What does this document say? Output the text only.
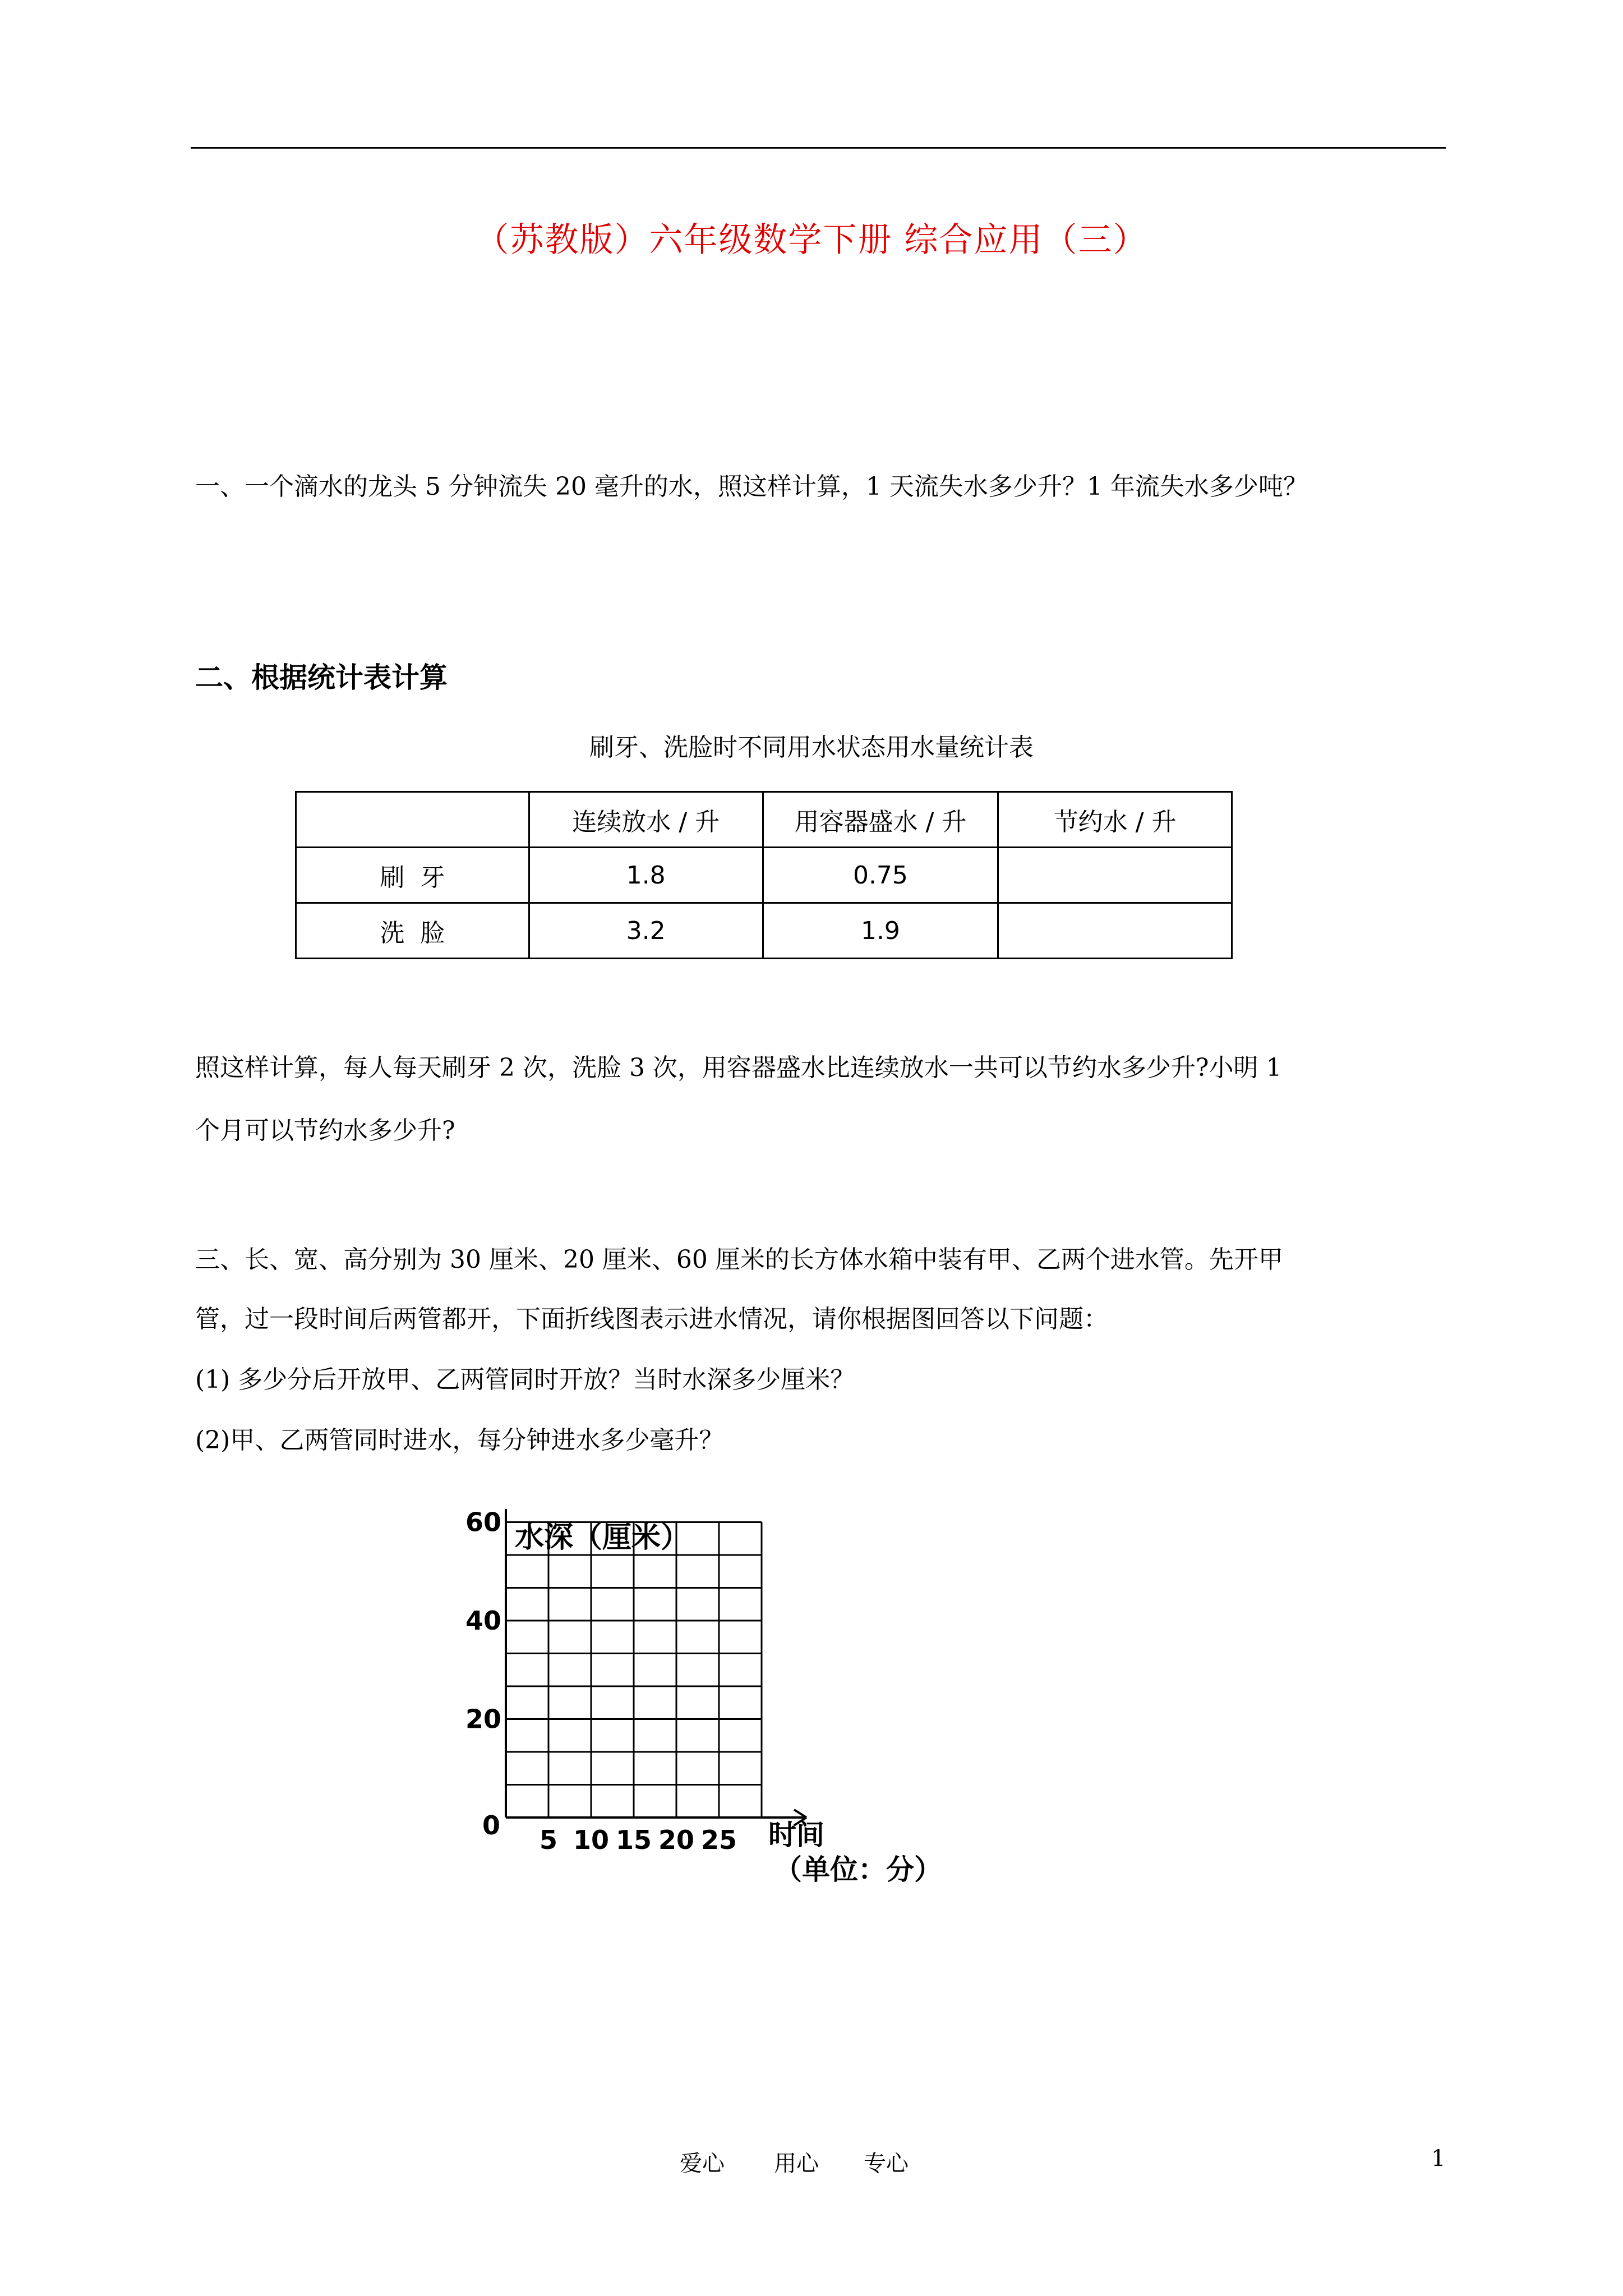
（苏教版）六年级数学下册 综合应用（三）
一、一个滴水的龙头 5 分钟流失 20 毫升的水，照这样计算，1 天流失水多少升？1 年流失水多少吨？
二、根据统计表计算
刷牙、洗脸时不同用水状态用水量统计表
	连续放水 / 升	用容器盛水 / 升	节约水 / 升
刷  牙	1.8	0.75	
洗  脸	3.2	1.9	
照这样计算，每人每天刷牙 2 次，洗脸 3 次，用容器盛水比连续放水一共可以节约水多少升?小明 1
个月可以节约水多少升?
三、长、宽、高分别为 30 厘米、20 厘米、60 厘米的长方体水箱中装有甲、乙两个进水管。先开甲
管，过一段时间后两管都开，下面折线图表示进水情况，请你根据图回答以下问题：
(1) 多少分后开放甲、乙两管同时开放？当时水深多少厘米？
(2)甲、乙两管同时进水，每分钟进水多少毫升？
水深（厘米）
时间
（单位：分）
0 5 10 15 20 25
20
40
60
爱心 用心 专心	1
